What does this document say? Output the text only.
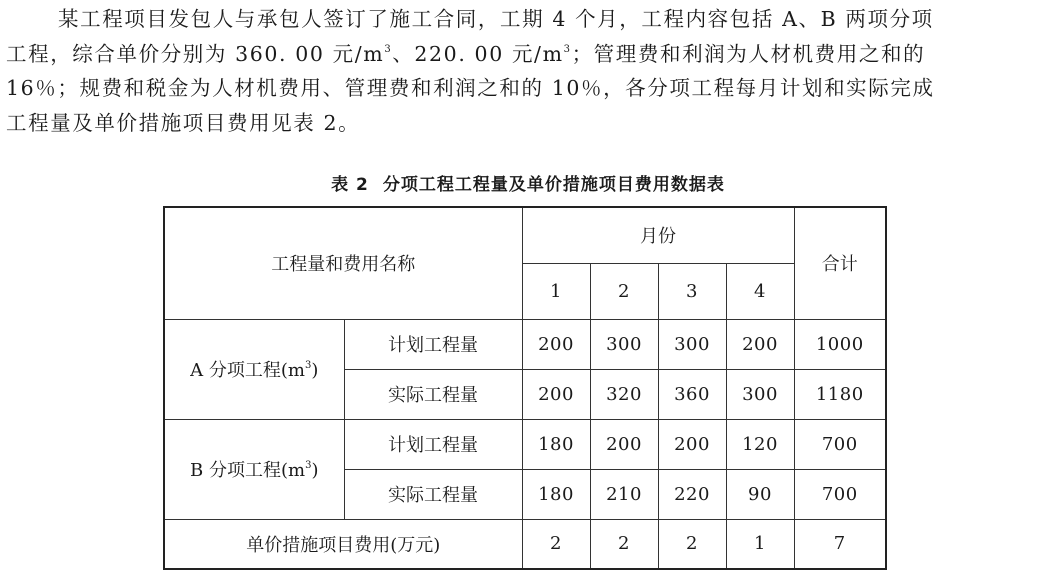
某工程项目发包人与承包人签订了施工合同，工期 4 个月，工程内容包括 A、B 两项分项
工程，综合单价分别为 360. 00 元$/m^3$、220. 00 元$/m^3$；管理费和利润为人材机费用之和的
16％；规费和税金为人材机费用、管理费和利润之和的 10％，各分项工程每月计划和实际完成
工程量及单价措施项目费用见表 2。
表 2 分项工程工程量及单价措施项目费用数据表
工程量和费用名称		月份				合计
		1	2	3	4	
A 分项工程$(m^3)$	计划工程量	200	300	300	200	1000
	实际工程量	200	320	360	300	1180
B 分项工程$(m^3)$	计划工程量	180	200	200	120	700
	实际工程量	180	210	220	90	700
单价措施项目费用(万元)		2	2	2	1	7
